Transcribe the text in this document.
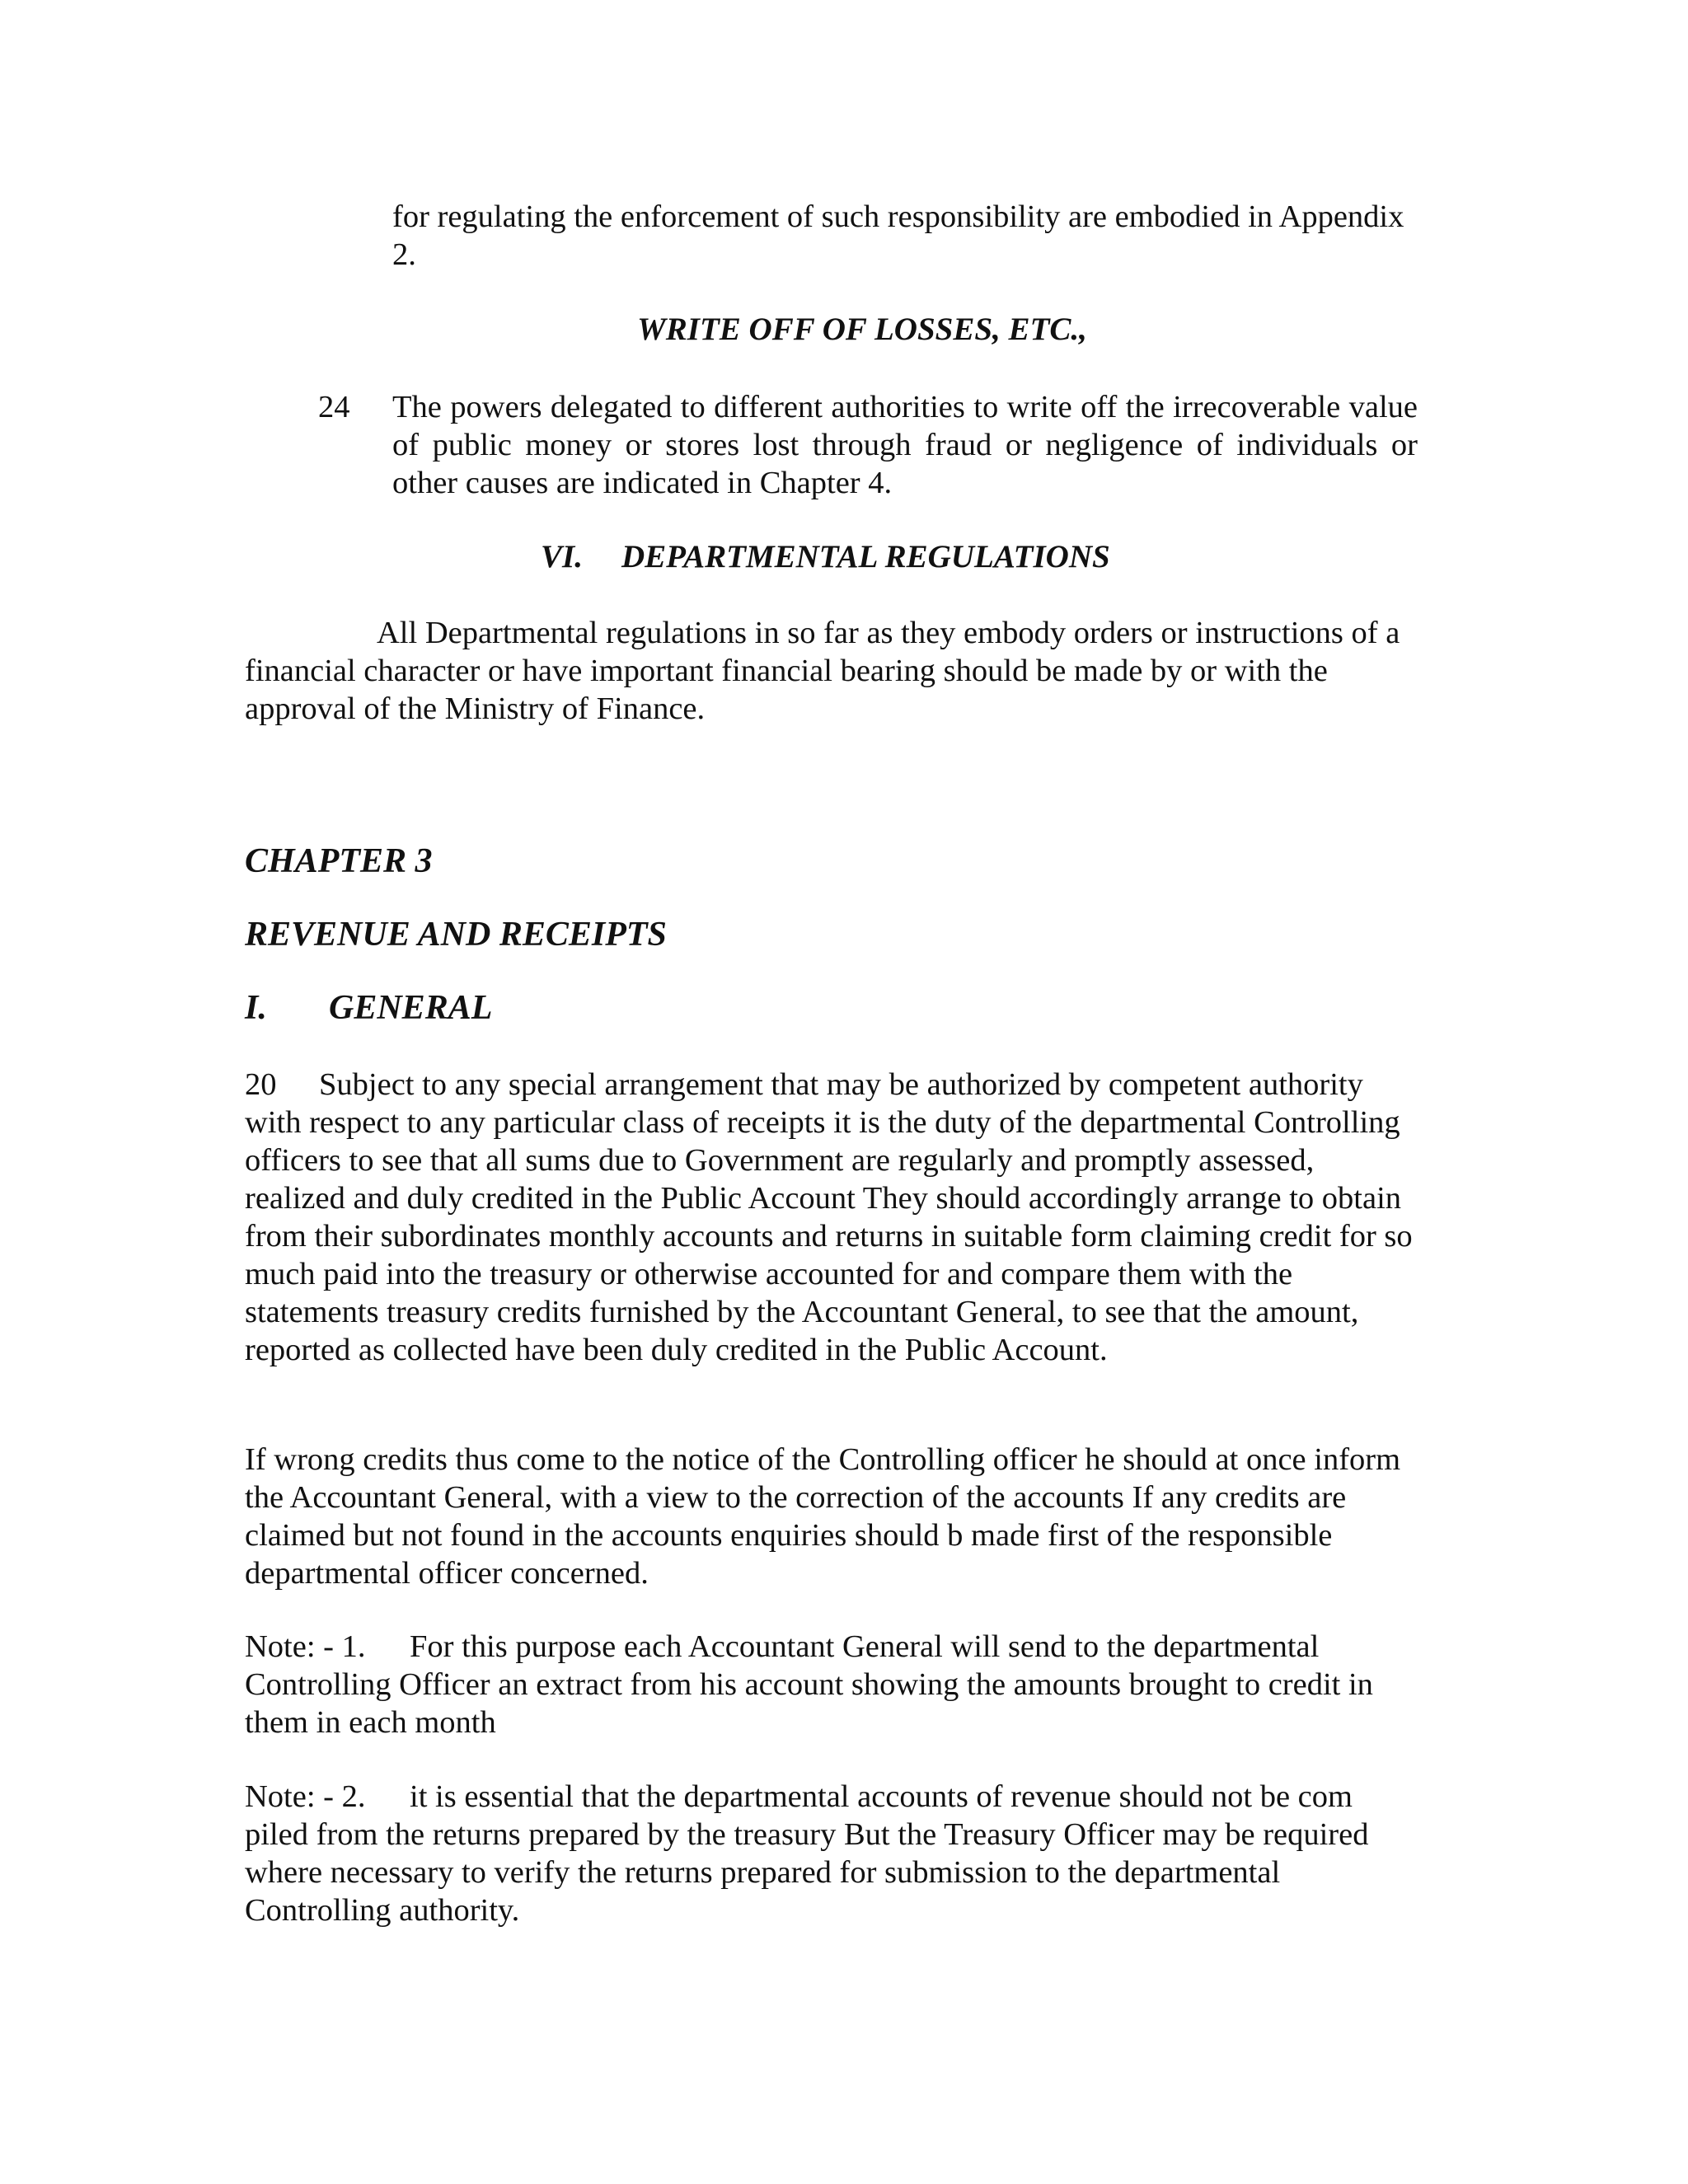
for regulating the enforcement of such responsibility are embodied in Appendix 2.

WRITE OFF OF LOSSES, ETC.,

24 The powers delegated to different authorities to write off the irrecoverable value of public money or stores lost through fraud or negligence of individuals or other causes are indicated in Chapter 4.

VI. DEPARTMENTAL REGULATIONS

All Departmental regulations in so far as they embody orders or instructions of a financial character or have important financial bearing should be made by or with the approval of the Ministry of Finance.

CHAPTER 3

REVENUE AND RECEIPTS

I. GENERAL

20 Subject to any special arrangement that may be authorized by competent authority with respect to any particular class of receipts it is the duty of the departmental Controlling officers to see that all sums due to Government are regularly and promptly assessed, realized and duly credited in the Public Account They should accordingly arrange to obtain from their subordinates monthly accounts and returns in suitable form claiming credit for so much paid into the treasury or otherwise accounted for and compare them with the statements treasury credits furnished by the Accountant General, to see that the amount, reported as collected have been duly credited in the Public Account.

If wrong credits thus come to the notice of the Controlling officer he should at once inform the Accountant General, with a view to the correction of the accounts If any credits are claimed but not found in the accounts enquiries should b made first of the responsible departmental officer concerned.

Note: - 1. For this purpose each Accountant General will send to the departmental Controlling Officer an extract from his account showing the amounts brought to credit in them in each month

Note: - 2. it is essential that the departmental accounts of revenue should not be com piled from the returns prepared by the treasury But the Treasury Officer may be required where necessary to verify the returns prepared for submission to the departmental Controlling authority.
